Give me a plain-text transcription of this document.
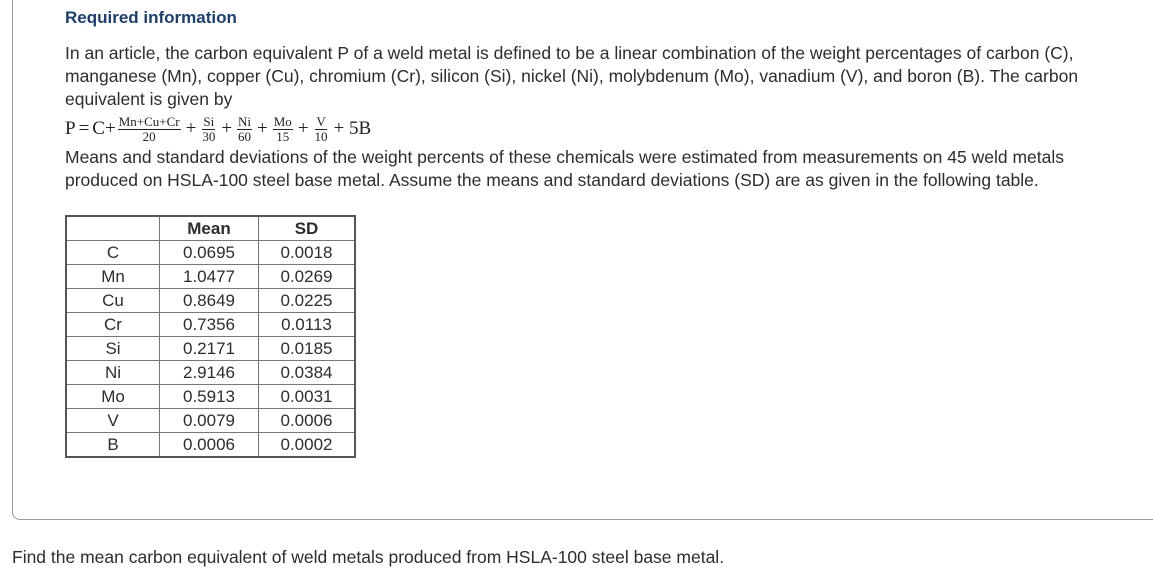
Required information
In an article, the carbon equivalent P of a weld metal is defined to be a linear combination of the weight percentages of carbon (C), manganese (Mn), copper (Cu), chromium (Cr), silicon (Si), nickel (Ni), molybdenum (Mo), vanadium (V), and boron (B). The carbon equivalent is given by
$P = C+ \frac{Mn+Cu+Cr}{20} + \frac{Si}{30} + \frac{Ni}{60} + \frac{Mo}{15} + \frac{V}{10} + 5B$
Means and standard deviations of the weight percents of these chemicals were estimated from measurements on 45 weld metals produced on HSLA-100 steel base metal. Assume the means and standard deviations (SD) are as given in the following table.
	Mean	SD
C	0.0695	0.0018
Mn	1.0477	0.0269
Cu	0.8649	0.0225
Cr	0.7356	0.0113
Si	0.2171	0.0185
Ni	2.9146	0.0384
Mo	0.5913	0.0031
V	0.0079	0.0006
B	0.0006	0.0002
Find the mean carbon equivalent of weld metals produced from HSLA-100 steel base metal.
